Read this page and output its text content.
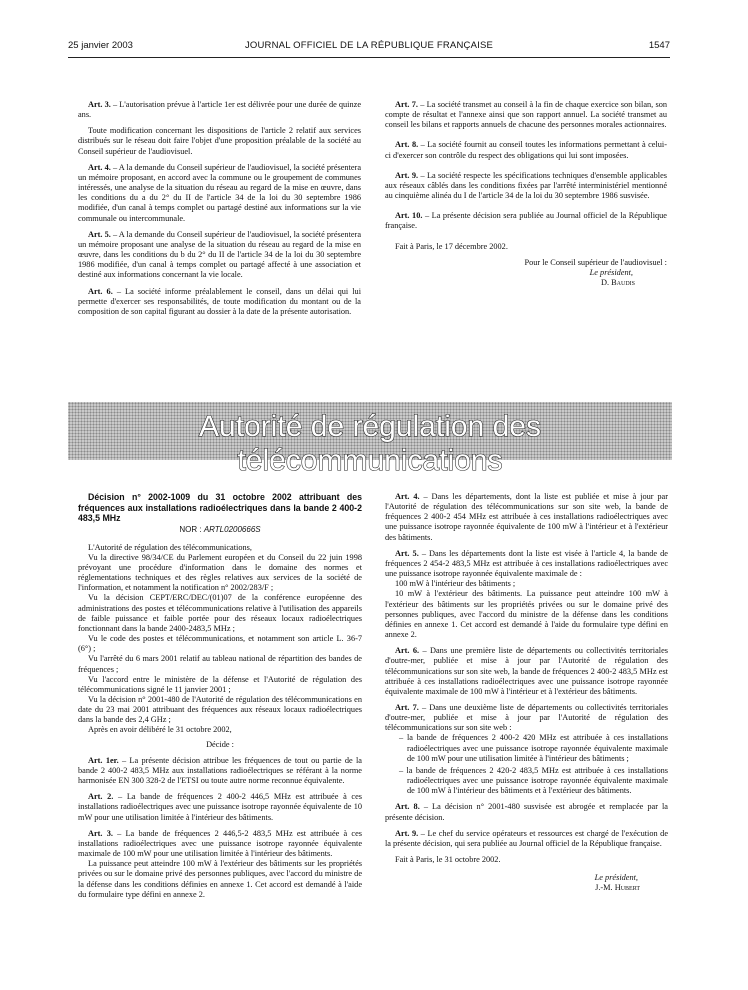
25 janvier 2003	JOURNAL OFFICIEL DE LA RÉPUBLIQUE FRANÇAISE	1547

Art. 3. – L'autorisation prévue à l'article 1er est délivrée pour une durée de quinze ans.

Toute modification concernant les dispositions de l'article 2 relatif aux services distribués sur le réseau doit faire l'objet d'une proposition préalable de la société au Conseil supérieur de l'audiovisuel.

Art. 4. – A la demande du Conseil supérieur de l'audiovisuel, la société présentera un mémoire proposant, en accord avec la commune ou le groupement de communes intéressés, une analyse de la situation du réseau au regard de la mise en œuvre, dans les conditions du a du 2° du II de l'article 34 de la loi du 30 septembre 1986 modifiée, d'un canal à temps complet ou partagé destiné aux informations sur la vie communale ou intercommunale.

Art. 5. – A la demande du Conseil supérieur de l'audiovisuel, la société présentera un mémoire proposant une analyse de la situation du réseau au regard de la mise en œuvre, dans les conditions du b du 2° du II de l'article 34 de la loi du 30 septembre 1986 modifiée, d'un canal à temps complet ou partagé affecté à une association et destiné aux informations concernant la vie locale.

Art. 6. – La société informe préalablement le conseil, dans un délai qui lui permette d'exercer ses responsabilités, de toute modification du montant ou de la composition de son capital figurant au dossier à la date de la présente autorisation.

Art. 7. – La société transmet au conseil à la fin de chaque exercice son bilan, son compte de résultat et l'annexe ainsi que son rapport annuel. La société transmet au conseil les bilans et rapports annuels de chacune des personnes morales actionnaires.

Art. 8. – La société fournit au conseil toutes les informations permettant à celui-ci d'exercer son contrôle du respect des obligations qui lui sont imposées.

Art. 9. – La société respecte les spécifications techniques d'ensemble applicables aux réseaux câblés dans les conditions fixées par l'arrêté interministériel mentionné au cinquième alinéa du I de l'article 34 de la loi du 30 septembre 1986 susvisée.

Art. 10. – La présente décision sera publiée au Journal officiel de la République française.

Fait à Paris, le 17 décembre 2002.

Pour le Conseil supérieur de l'audiovisuel :
Le président,
D. Baudis
Autorité de régulation des télécommunications
Décision n° 2002-1009 du 31 octobre 2002 attribuant des fréquences aux installations radioélectriques dans la bande 2 400-2 483,5 MHz
NOR : ARTL0200666S

L'Autorité de régulation des télécommunications,

Vu la directive 98/34/CE du Parlement européen et du Conseil du 22 juin 1998 prévoyant une procédure d'information dans le domaine des normes et réglementations techniques et des règles relatives aux services de la société de l'information, et notamment la notification n° 2002/283/F ;

Vu la décision CEPT/ERC/DEC/(01)07 de la conférence européenne des administrations des postes et télécommunications relative à l'utilisation des appareils de faible puissance et faible portée pour des réseaux locaux radioélectriques fonctionnant dans la bande 2400-2483,5 MHz ;

Vu le code des postes et télécommunications, et notamment son article L. 36-7 (6°) ;

Vu l'arrêté du 6 mars 2001 relatif au tableau national de répartition des bandes de fréquences ;

Vu l'accord entre le ministère de la défense et l'Autorité de régulation des télécommunications signé le 11 janvier 2001 ;

Vu la décision n° 2001-480 de l'Autorité de régulation des télécommunications en date du 23 mai 2001 attribuant des fréquences aux réseaux locaux radioélectriques dans la bande des 2,4 GHz ;

Après en avoir délibéré le 31 octobre 2002,

Décide :

Art. 1er. – La présente décision attribue les fréquences de tout ou partie de la bande 2 400-2 483,5 MHz aux installations radioélectriques se référant à la norme harmonisée EN 300 328-2 de l'ETSI ou toute autre norme reconnue équivalente.

Art. 2. – La bande de fréquences 2 400-2 446,5 MHz est attribuée à ces installations radioélectriques avec une puissance isotrope rayonnée équivalente de 10 mW pour une utilisation limitée à l'intérieur des bâtiments.

Art. 3. – La bande de fréquences 2 446,5-2 483,5 MHz est attribuée à ces installations radioélectriques avec une puissance isotrope rayonnée équivalente maximale de 100 mW pour une utilisation limitée à l'intérieur des bâtiments.

La puissance peut atteindre 100 mW à l'extérieur des bâtiments sur les propriétés privées ou sur le domaine privé des personnes publiques, avec l'accord du ministre de la défense dans les conditions définies en annexe 1. Cet accord est demandé à l'aide du formulaire type défini en annexe 2.

Art. 4. – Dans les départements, dont la liste est publiée et mise à jour par l'Autorité de régulation des télécommunications sur son site web, la bande de fréquences 2 400-2 454 MHz est attribuée à ces installations radioélectriques avec une puissance isotrope rayonnée équivalente de 100 mW à l'intérieur et à l'extérieur des bâtiments.

Art. 5. – Dans les départements dont la liste est visée à l'article 4, la bande de fréquences 2 454-2 483,5 MHz est attribuée à ces installations radioélectriques avec une puissance isotrope rayonnée équivalente maximale de :

100 mW à l'intérieur des bâtiments ;

10 mW à l'extérieur des bâtiments. La puissance peut atteindre 100 mW à l'extérieur des bâtiments sur les propriétés privées ou sur le domaine privé des personnes publiques, avec l'accord du ministre de la défense dans les conditions définies en annexe 1. Cet accord est demandé à l'aide du formulaire type défini en annexe 2.

Art. 6. – Dans une première liste de départements ou collectivités territoriales d'outre-mer, publiée et mise à jour par l'Autorité de régulation des télécommunications sur son site web, la bande de fréquences 2 400-2 483,5 MHz est attribuée à ces installations radioélectriques avec une puissance isotrope rayonnée équivalente maximale de 100 mW à l'intérieur et à l'extérieur des bâtiments.

Art. 7. – Dans une deuxième liste de départements ou collectivités territoriales d'outre-mer, publiée et mise à jour par l'Autorité de régulation des télécommunications sur son site web :

– la bande de fréquences 2 400-2 420 MHz est attribuée à ces installations radioélectriques avec une puissance isotrope rayonnée équivalente maximale de 100 mW pour une utilisation limitée à l'intérieur des bâtiments ;

– la bande de fréquences 2 420-2 483,5 MHz est attribuée à ces installations radioélectriques avec une puissance isotrope rayonnée équivalente maximale de 100 mW à l'intérieur des bâtiments et à l'extérieur des bâtiments.

Art. 8. – La décision n° 2001-480 susvisée est abrogée et remplacée par la présente décision.

Art. 9. – Le chef du service opérateurs et ressources est chargé de l'exécution de la présente décision, qui sera publiée au Journal officiel de la République française.

Fait à Paris, le 31 octobre 2002.

Le président,
J.-M. Hubert
